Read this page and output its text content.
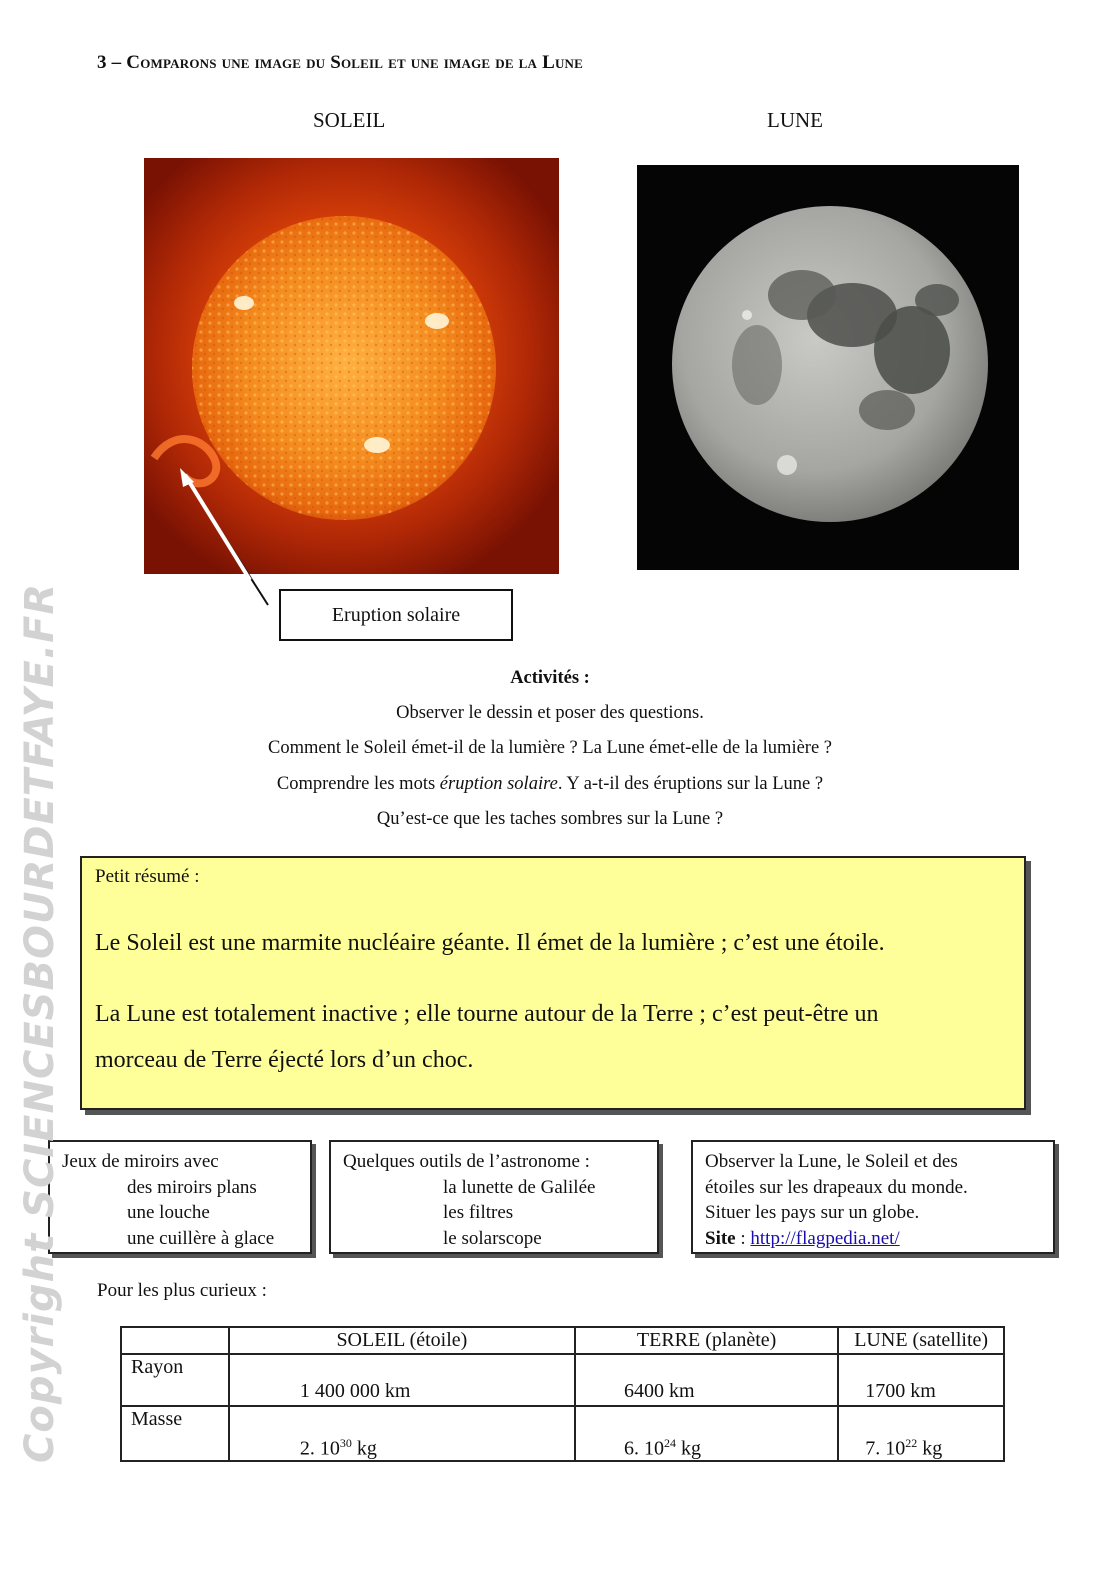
3 – Comparons une image du Soleil et une image de la Lune
SOLEIL	LUNE
Eruption solaire
Activités :
Observer le dessin et poser des questions.
Comment le Soleil émet-il de la lumière ? La Lune émet-elle de la lumière ?
Comprendre les mots éruption solaire. Y a-t-il des éruptions sur la Lune ?
Qu’est-ce que les taches sombres sur la Lune ?
Petit résumé :
Le Soleil est une marmite nucléaire géante. Il émet de la lumière ; c’est une étoile.
La Lune est totalement inactive ; elle tourne autour de la Terre ; c’est peut-être un
morceau de Terre éjecté lors d’un choc.
Jeux de miroirs avec
des miroirs plans
une louche
une cuillère à glace
Quelques outils de l’astronome :
la lunette de Galilée
les filtres
le solarscope
Observer la Lune, le Soleil et des
étoiles sur les drapeaux du monde.
Situer les pays sur un globe.
Site : http://flagpedia.net/
Pour les plus curieux :
	SOLEIL (étoile)	TERRE (planète)	LUNE (satellite)

Rayon	1 400 000 km	6400 km	1700 km

Masse	2. $10^{30}$ kg	6. $10^{24}$ kg	7. $10^{22}$ kg
Copyright SCIENCESBOURDETFAYE.FR
